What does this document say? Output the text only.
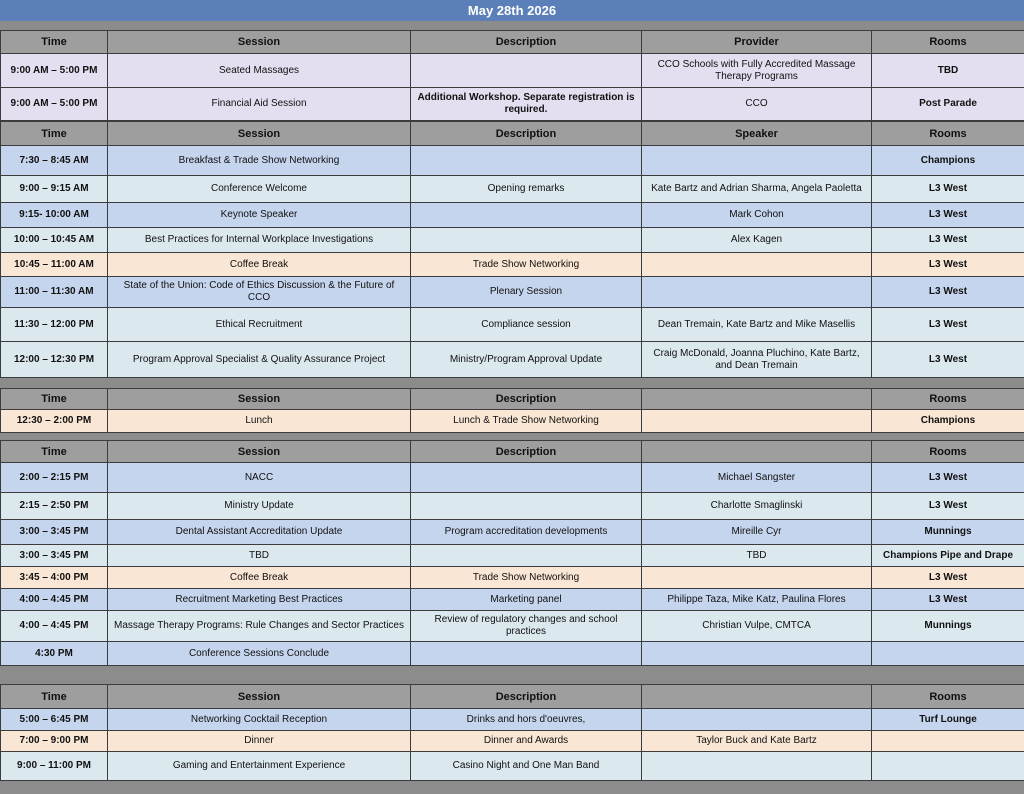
May 28th 2026
Time	Session	Description	Provider	Rooms
9:00 AM – 5:00 PM	Seated Massages		CCO Schools with Fully Accredited Massage Therapy Programs	TBD
9:00 AM – 5:00 PM	Financial Aid Session	Additional Workshop. Separate registration is required.	CCO	Post Parade
Time	Session	Description	Speaker	Rooms
7:30 – 8:45 AM	Breakfast & Trade Show Networking			Champions
9:00 – 9:15 AM	Conference Welcome	Opening remarks	Kate Bartz and Adrian Sharma, Angela Paoletta	L3 West
9:15- 10:00 AM	Keynote Speaker		Mark Cohon	L3 West
10:00 – 10:45 AM	Best Practices for Internal Workplace Investigations		Alex Kagen	L3 West
10:45 – 11:00 AM	Coffee Break	Trade Show Networking		L3 West
11:00 – 11:30 AM	State of the Union: Code of Ethics Discussion & the Future of CCO	Plenary Session		L3 West
11:30 – 12:00 PM	Ethical Recruitment	Compliance session	Dean Tremain, Kate Bartz and Mike Masellis	L3 West
12:00 – 12:30 PM	Program Approval Specialist & Quality Assurance Project	Ministry/Program Approval Update	Craig McDonald, Joanna Pluchino, Kate Bartz, and Dean Tremain	L3 West
Time	Session	Description		Rooms
12:30 – 2:00 PM	Lunch	Lunch & Trade Show Networking		Champions
Time	Session	Description		Rooms
2:00 – 2:15 PM	NACC		Michael Sangster	L3 West
2:15 – 2:50 PM	Ministry Update		Charlotte Smaglinski	L3 West
3:00 – 3:45 PM	Dental Assistant Accreditation Update	Program accreditation developments	Mireille Cyr	Munnings
3:00 – 3:45 PM	TBD		TBD	Champions Pipe and Drape
3:45 – 4:00 PM	Coffee Break	Trade Show Networking		L3 West
4:00 – 4:45 PM	Recruitment Marketing Best Practices	Marketing panel	Philippe Taza, Mike Katz, Paulina Flores	L3 West
4:00 – 4:45 PM	Massage Therapy Programs: Rule Changes and Sector Practices	Review of regulatory changes and school practices	Christian Vulpe, CMTCA	Munnings
4:30 PM	Conference Sessions Conclude			
Time	Session	Description		Rooms
5:00 – 6:45 PM	Networking Cocktail Reception	Drinks and hors d'oeuvres,		Turf Lounge
7:00 – 9:00 PM	Dinner	Dinner and Awards	Taylor Buck and Kate Bartz	
9:00 – 11:00 PM	Gaming and Entertainment Experience	Casino Night and One Man Band		
